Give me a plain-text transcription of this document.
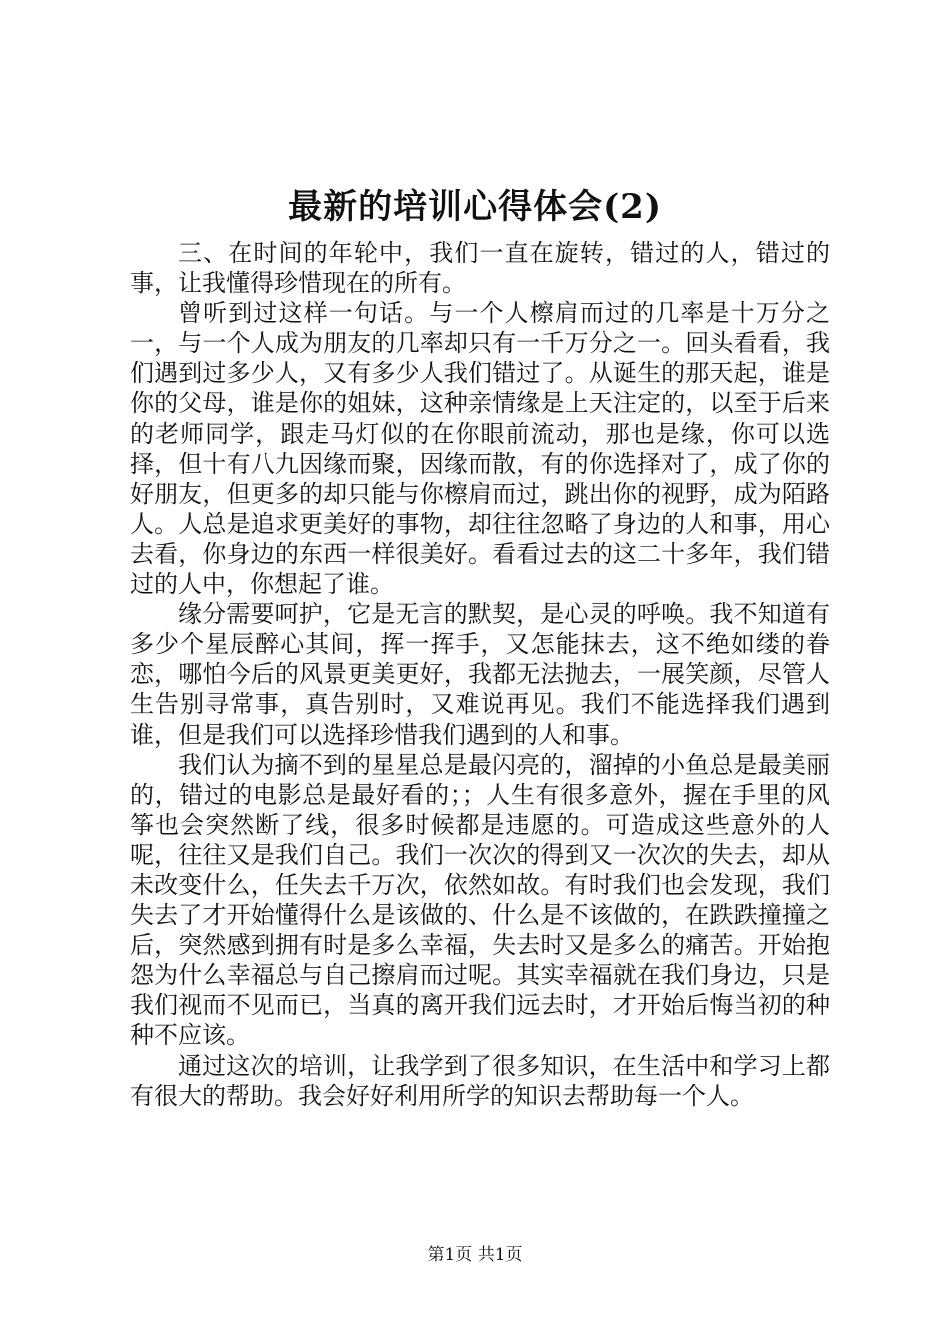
最新的培训心得体会(2)

三、在时间的年轮中，我们一直在旋转，错过的人，错过的事，让我懂得珍惜现在的所有。

曾听到过这样一句话。与一个人檫肩而过的几率是十万分之一，与一个人成为朋友的几率却只有一千万分之一。回头看看，我们遇到过多少人，又有多少人我们错过了。从诞生的那天起，谁是你的父母，谁是你的姐妹，这种亲情缘是上天注定的，以至于后来的老师同学，跟走马灯似的在你眼前流动，那也是缘，你可以选择，但十有八九因缘而聚，因缘而散，有的你选择对了，成了你的好朋友，但更多的却只能与你檫肩而过，跳出你的视野，成为陌路人。人总是追求更美好的事物，却往往忽略了身边的人和事，用心去看，你身边的东西一样很美好。看看过去的这二十多年，我们错过的人中，你想起了谁。

缘分需要呵护，它是无言的默契，是心灵的呼唤。我不知道有多少个星辰醉心其间，挥一挥手，又怎能抹去，这不绝如缕的眷恋，哪怕今后的风景更美更好，我都无法抛去，一展笑颜，尽管人生告别寻常事，真告别时，又难说再见。我们不能选择我们遇到谁，但是我们可以选择珍惜我们遇到的人和事。

我们认为摘不到的星星总是最闪亮的，溜掉的小鱼总是最美丽的，错过的电影总是最好看的；；人生有很多意外，握在手里的风筝也会突然断了线，很多时候都是违愿的。可造成这些意外的人呢，往往又是我们自己。我们一次次的得到又一次次的失去，却从未改变什么，任失去千万次，依然如故。有时我们也会发现，我们失去了才开始懂得什么是该做的、什么是不该做的，在跌跌撞撞之后，突然感到拥有时是多么幸福，失去时又是多么的痛苦。开始抱怨为什么幸福总与自己擦肩而过呢。其实幸福就在我们身边，只是我们视而不见而已，当真的离开我们远去时，才开始后悔当初的种种不应该。

通过这次的培训，让我学到了很多知识，在生活中和学习上都有很大的帮助。我会好好利用所学的知识去帮助每一个人。

第1页 共1页
